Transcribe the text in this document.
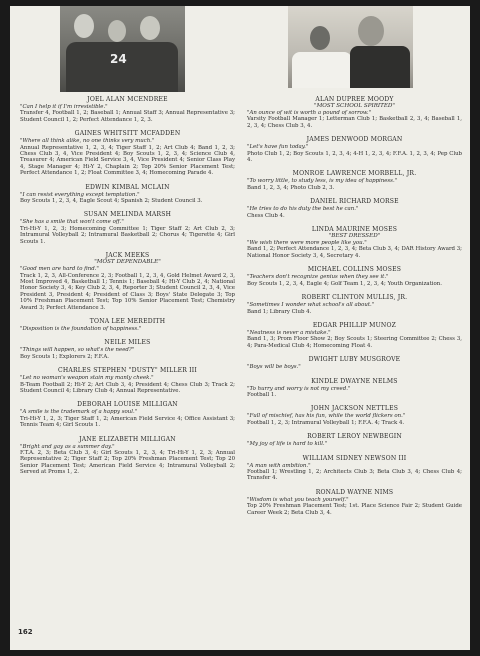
24
JOEL ALAN MCENDREE
"Can I help it if I'm irresistible."
Transfer 4, Football 1, 2; Baseball 1; Annual Staff 3; Annual Representative 3; Student Council 1, 2; Perfect Attendance 1, 2, 3.
GAINES WHITSITT MCFADDEN
"Where all think alike, no one thinks very much."
Annual Representative 1, 2, 3, 4; Tiger Staff 1, 2; Art Club 4; Band 1, 2, 3; Chess Club 3, 4, Vice President 4; Boy Scouts 1, 2, 3, 4; Science Club 4, Treasurer 4; American Field Service 3, 4, Vice President 4; Senior Class Play 4, Stage Manager 4; Hi-Y 2, Chaplain 2; Top 20% Senior Placement Test; Perfect Attendance 1, 2; Float Committee 3, 4; Homecoming Parade 4.
EDWIN KIMBAL MCLAIN
"I can resist everything except temptation."
Boy Scouts 1, 2, 3, 4, Eagle Scout 4; Spanish 2; Student Council 3.
SUSAN MELINDA MARSH
"She has a smile that won't come off."
Tri-Hi-Y 1, 2, 3; Homecoming Committee 1; Tiger Staff 2; Art Club 2, 3; Intramural Volleyball 2; Intramural Basketball 2; Chorus 4; Tigerette 4; Girl Scouts 1.
JACK MEEKS
"MOST DEPENDABLE"
"Good men are hard to find."
Track 1, 2, 3, All-Conference 2, 3; Football 1, 2, 3, 4, Gold Helmet Award 2, 3, Most Improved 4, Basketball 1; Tennis 1; Baseball 4; Hi-Y Club 2, 4; National Honor Society 3, 4; Key Club 2, 3, 4, Reporter 3; Student Council 2, 3, 4, Vice President 3, President 4; President of Class 3; Boys' State Delegate 3; Top 10% Freshman Placement Test; Top 10% Senior Placement Test; Chemistry Award 3; Perfect Attendance 3.
TONA LEE MEREDITH
"Disposition is the foundation of happiness."
NEILE MILES
"Things will happen, so what's the need?"
Boy Scouts 1; Explorers 2; F.F.A.
CHARLES STEPHEN "DUSTY" MILLER III
"Let no woman's weapon stain my manly cheek."
B-Team Football 2; Hi-Y 2; Art Club 3, 4; President 4; Chess Club 3; Track 2; Student Council 4; Library Club 4; Annual Representative.
DEBORAH LOUISE MILLIGAN
"A smile is the trademark of a happy soul."
Tri-Hi-Y 1, 2, 3; Tiger Staff 1, 2; American Field Service 4; Office Assistant 3; Tennis Team 4; Girl Scouts 1.
JANE ELIZABETH MILLIGAN
"Bright and gay as a summer day."
F.T.A. 2, 3; Beta Club 3, 4; Girl Scouts 1, 2, 3, 4; Tri-Hi-Y 1, 2, 3; Annual Representative 2; Tiger Staff 2; Top 20% Freshman Placement Test; Top 20 Senior Placement Test; American Field Service 4; Intramural Volleyball 2; Served at Proms 1, 2.
ALAN DUPREE MOODY
"MOST SCHOOL SPIRITED"
"An ounce of wit is worth a pound of sorrow."
Varsity Football Manager 1; Letterman Club 1; Basketball 2, 3, 4; Baseball 1, 2, 3, 4; Chess Club 3, 4.
JAMES DENWOOD MORGAN
"Let's have fun today."
Photo Club 1, 2; Boy Scouts 1, 2, 3, 4; 4-H 1, 2, 3, 4; F.F.A. 1, 2, 3, 4; Pep Club 4.
MONROE LAWRENCE MORBELL, JR.
"To worry little, to study less, is my idea of happiness."
Band 1, 2, 3, 4; Photo Club 2, 3.
DANIEL RICHARD MORSE
"He tries to do his duty the best he can."
Chess Club 4.
LINDA MAURINE MOSES
"BEST DRESSED"
"We wish there were more people like you."
Band 1, 2; Perfect Attendance 1, 2, 3, 4; Beta Club 3, 4; DAR History Award 3; National Honor Society 3, 4, Secretary 4.
MICHAEL COLLINS MOSES
"Teachers don't recognize genius when they see it."
Boy Scouts 1, 2, 3, 4, Eagle 4; Golf Team 1, 2, 3, 4; Youth Organization.
ROBERT CLINTON MULLIS, JR.
"Sometimes I wonder what school's all about."
Band 1; Library Club 4.
EDGAR PHILLIP MUNOZ
"Neatness is never a mistake."
Band 1, 3; Prom Floor Show 2; Boy Scouts 1; Steering Committee 2; Chess 3, 4; Para-Medical Club 4; Homecoming Float 4.
DWIGHT LUBY MUSGROVE
"Boys will be boys."
KINDLE DWAYNE NELMS
"To hurry and worry is not my creed."
Football 1.
JOHN JACKSON NETTLES
"Full of mischief, has his fun, while the world flickers on."
Football 1, 2, 3; Intramural Volleyball 1; F.F.A. 4; Track 4.
ROBERT LEROY NEWBEGIN
"My joy of life is hard to kill."
WILLIAM SIDNEY NEWSON III
"A man with ambition."
Football 1; Wrestling 1, 2; Architects Club 3; Beta Club 3, 4; Chess Club 4; Transfer 4.
RONALD WAYNE NIMS
"Wisdom is what you teach yourself."
Top 20% Freshman Placement Test; 1st. Place Science Fair 2; Student Guide Career Week 2; Beta Club 3, 4.
162
